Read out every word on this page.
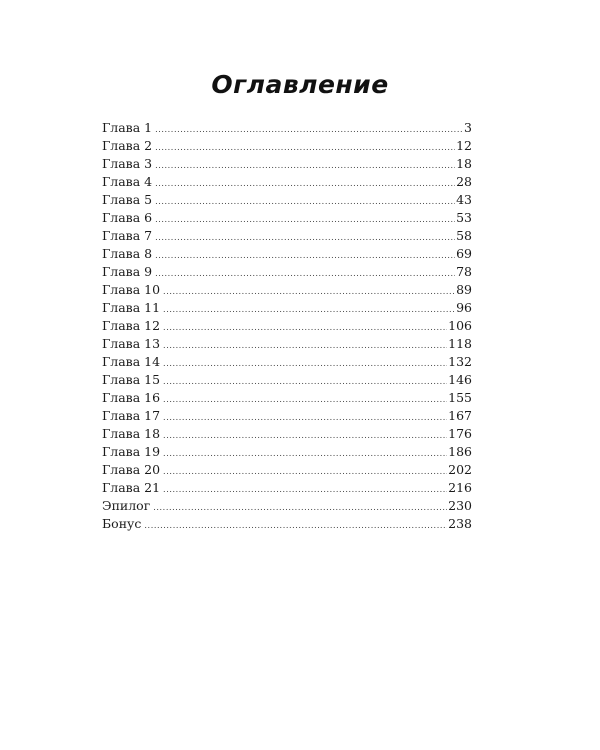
Оглавление
Глава 1 .....	3
Глава 2 .....	12
Глава 3 .....	18
Глава 4 .....	28
Глава 5 .....	43
Глава 6 .....	53
Глава 7 .....	58
Глава 8 .....	69
Глава 9 .....	78
Глава 10 .....	89
Глава 11 .....	96
Глава 12 .....	106
Глава 13 .....	118
Глава 14 .....	132
Глава 15 .....	146
Глава 16 .....	155
Глава 17 .....	167
Глава 18 .....	176
Глава 19 .....	186
Глава 20 .....	202
Глава 21 .....	216
Эпилог .....	230
Бонус .....	238
